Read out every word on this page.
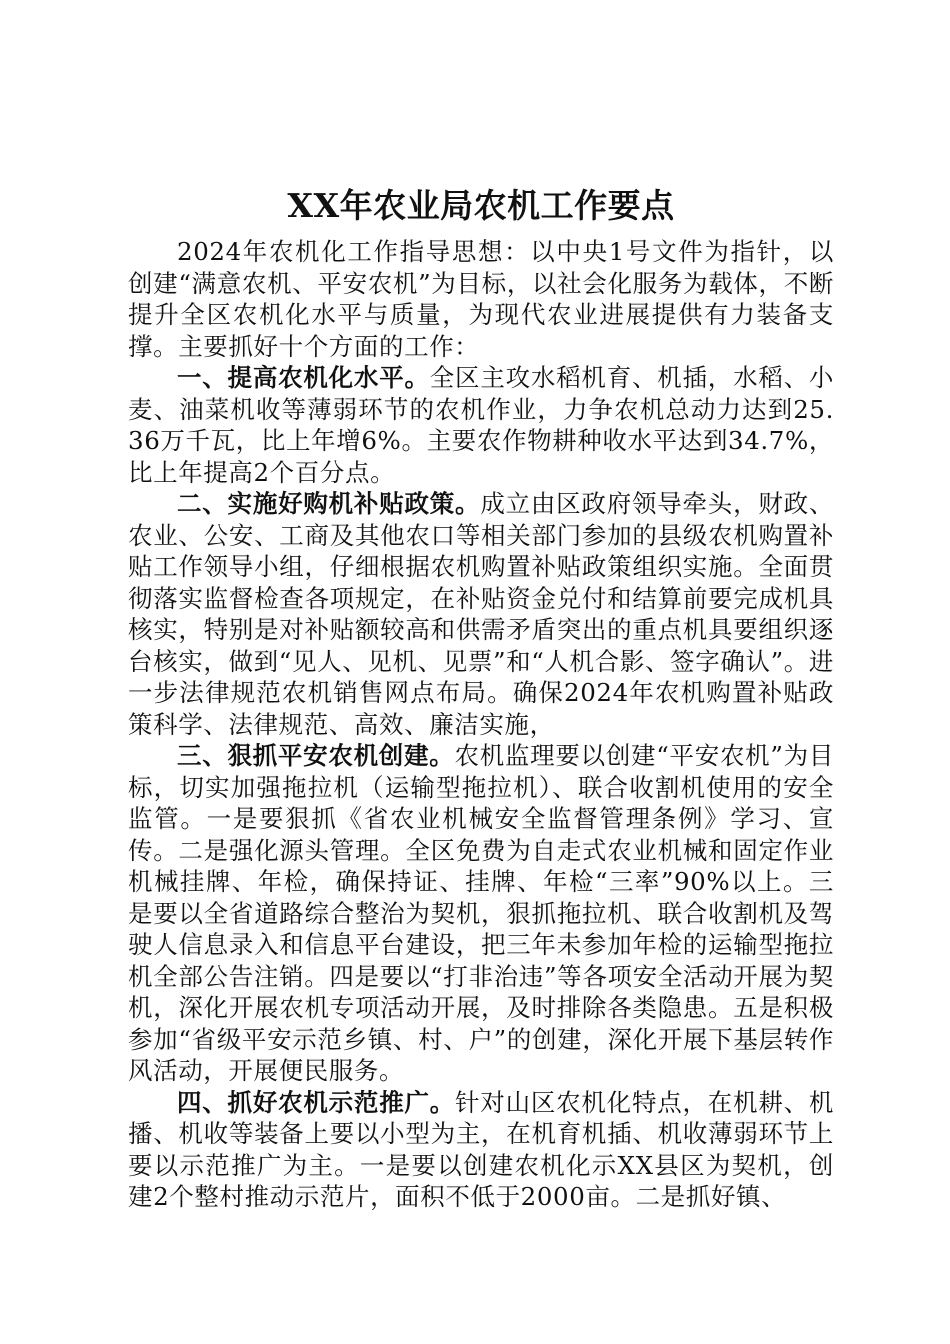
XX年农业局农机工作要点

2024年农机化工作指导思想：以中央1号文件为指针，以创建“满意农机、平安农机”为目标，以社会化服务为载体，不断提升全区农机化水平与质量，为现代农业进展提供有力装备支撑。主要抓好十个方面的工作：

一、提高农机化水平。全区主攻水稻机育、机插，水稻、小麦、油菜机收等薄弱环节的农机作业，力争农机总动力达到25.36万千瓦，比上年增6%。主要农作物耕种收水平达到34.7%，比上年提高2个百分点。

二、实施好购机补贴政策。成立由区政府领导牵头，财政、农业、公安、工商及其他农口等相关部门参加的县级农机购置补贴工作领导小组，仔细根据农机购置补贴政策组织实施。全面贯彻落实监督检查各项规定，在补贴资金兑付和结算前要完成机具核实，特别是对补贴额较高和供需矛盾突出的重点机具要组织逐台核实，做到“见人、见机、见票”和“人机合影、签字确认”。进一步法律规范农机销售网点布局。确保2024年农机购置补贴政策科学、法律规范、高效、廉洁实施，

三、狠抓平安农机创建。农机监理要以创建“平安农机”为目标，切实加强拖拉机（运输型拖拉机）、联合收割机使用的安全监管。一是要狠抓《省农业机械安全监督管理条例》学习、宣传。二是强化源头管理。全区免费为自走式农业机械和固定作业机械挂牌、年检，确保持证、挂牌、年检“三率”90%以上。三是要以全省道路综合整治为契机，狠抓拖拉机、联合收割机及驾驶人信息录入和信息平台建设，把三年未参加年检的运输型拖拉机全部公告注销。四是要以“打非治违”等各项安全活动开展为契机，深化开展农机专项活动开展，及时排除各类隐患。五是积极参加“省级平安示范乡镇、村、户”的创建，深化开展下基层转作风活动，开展便民服务。

四、抓好农机示范推广。针对山区农机化特点，在机耕、机播、机收等装备上要以小型为主，在机育机插、机收薄弱环节上要以示范推广为主。一是要以创建农机化示XX县区为契机，创建2个整村推动示范片，面积不低于2000亩。二是抓好镇、
